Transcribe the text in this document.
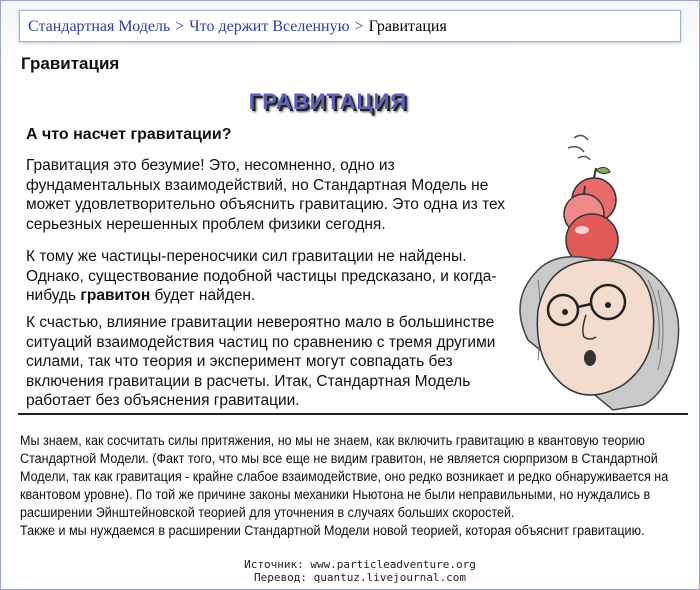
Стандартная Модель > Что держит Вселенную > Гравитация
Гравитация
ГРАВИТАЦИЯ
А что насчет гравитации?
Гравитация это безумие! Это, несомненно, одно из фундаментальных взаимодействий, но Стандартная Модель не может удовлетворительно объяснить гравитацию. Это одна из тех серьезных нерешенных проблем физики сегодня.
К тому же частицы-переносчики сил гравитации не найдены. Однако, существование подобной частицы предсказано, и когда-нибудь гравитон будет найден.
К счастью, влияние гравитации невероятно мало в большинстве ситуаций взаимодействия частиц по сравнению с тремя другими силами, так что теория и эксперимент могут совпадать без включения гравитации в расчеты. Итак, Стандартная Модель работает без объяснения гравитации.

Мы знаем, как сосчитать силы притяжения, но мы не знаем, как включить гравитацию в квантовую теорию Стандартной Модели. (Факт того, что мы все еще не видим гравитон, не является сюрпризом в Стандартной Модели, так как гравитация - крайне слабое взаимодействие, оно редко возникает и редко обнаруживается на квантовом уровне). По той же причине законы механики Ньютона не были неправильными, но нуждались в расширении Эйнштейновской теорией для уточнения в случаях больших скоростей.

Также и мы нуждаемся в расширении Стандартной Модели новой теорией, которая объяснит гравитацию.

Источник: www.particleadventure.org
Перевод: quantuz.livejournal.com
